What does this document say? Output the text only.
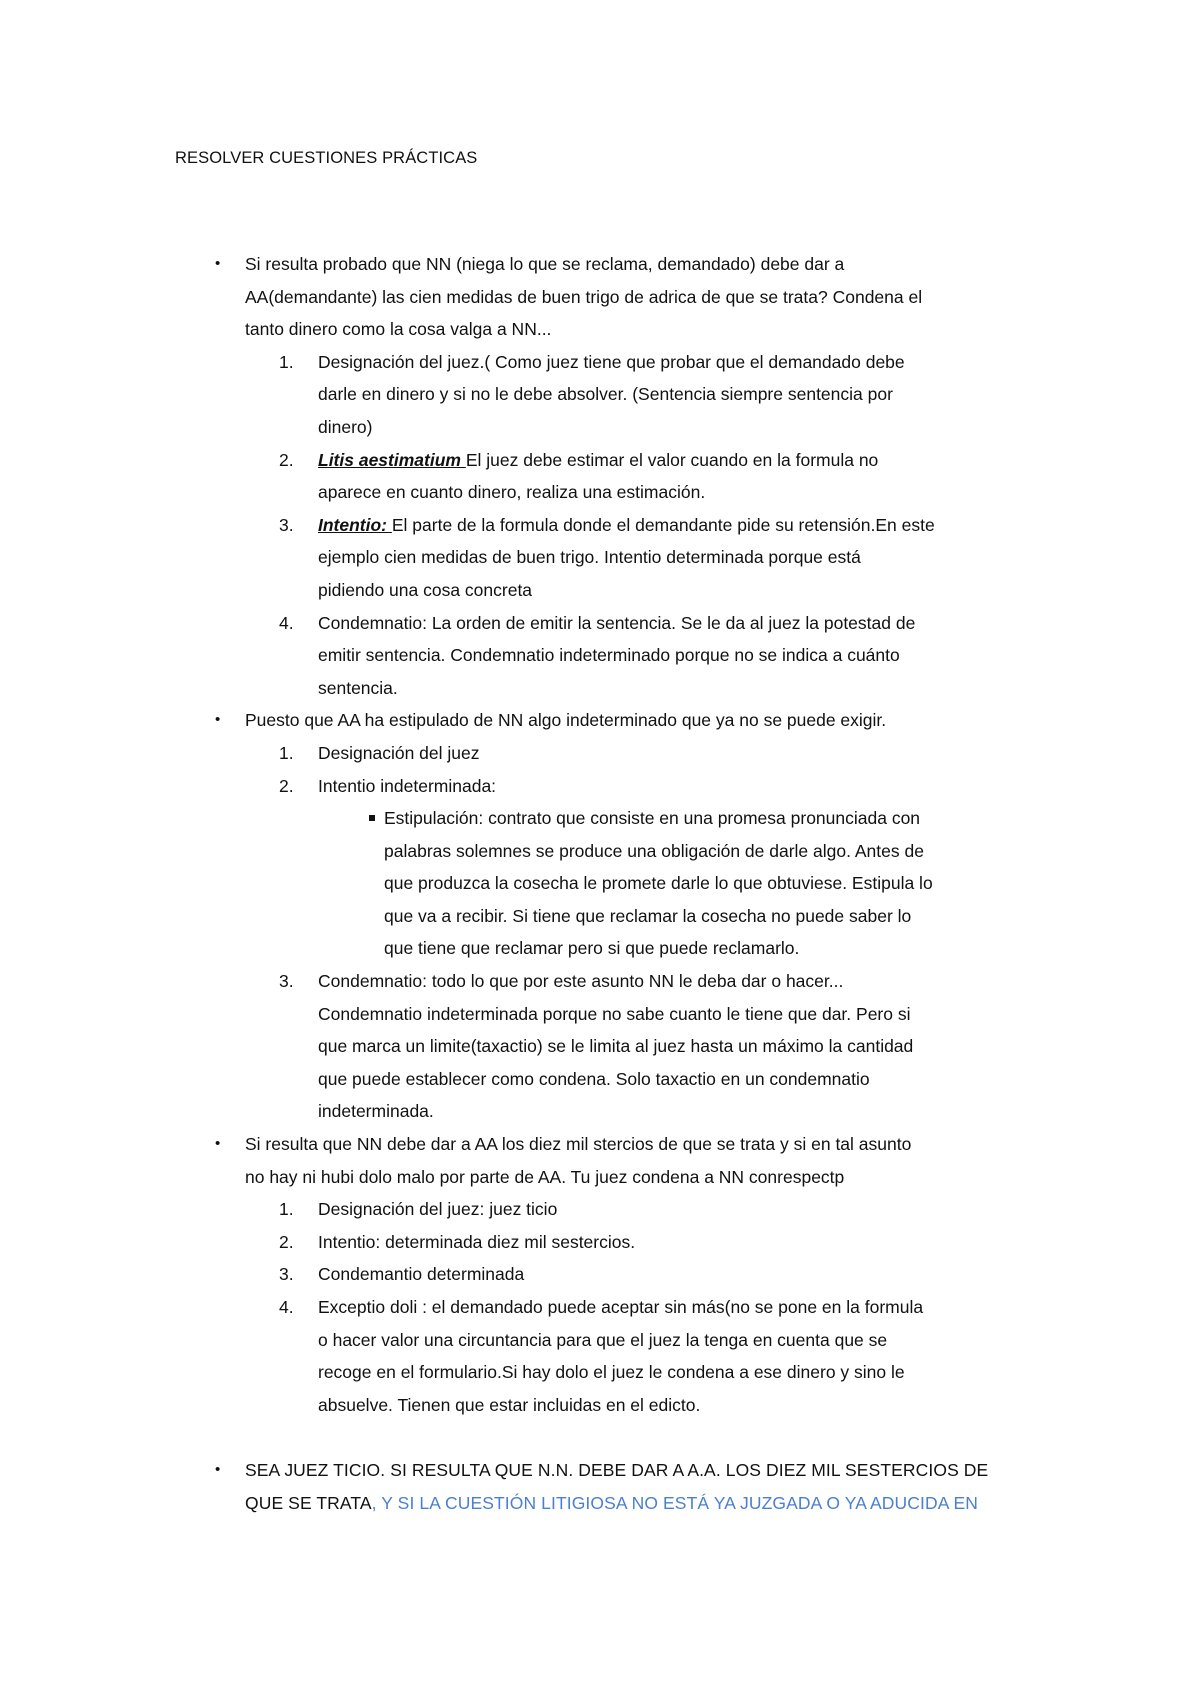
RESOLVER CUESTIONES PRÁCTICAS
• Si resulta probado que NN (niega lo que se reclama, demandado) debe dar a
AA(demandante) las cien medidas de buen trigo de adrica de que se trata? Condena el
tanto dinero como la cosa valga a NN...
1. Designación del juez.( Como juez tiene que probar que el demandado debe
darle en dinero y si no le debe absolver. (Sentencia siempre sentencia por
dinero)
2. Litis aestimatium El juez debe estimar el valor cuando en la formula no
aparece en cuanto dinero, realiza una estimación.
3. Intentio: El parte de la formula donde el demandante pide su retensión.En este
ejemplo cien medidas de buen trigo. Intentio determinada porque está
pidiendo una cosa concreta
4. Condemnatio: La orden de emitir la sentencia. Se le da al juez la potestad de
emitir sentencia. Condemnatio indeterminado porque no se indica a cuánto
sentencia.
• Puesto que AA ha estipulado de NN algo indeterminado que ya no se puede exigir.
1. Designación del juez
2. Intentio indeterminada:
Estipulación: contrato que consiste en una promesa pronunciada con
palabras solemnes se produce una obligación de darle algo. Antes de
que produzca la cosecha le promete darle lo que obtuviese. Estipula lo
que va a recibir. Si tiene que reclamar la cosecha no puede saber lo
que tiene que reclamar pero si que puede reclamarlo.
3. Condemnatio: todo lo que por este asunto NN le deba dar o hacer...
Condemnatio indeterminada porque no sabe cuanto le tiene que dar. Pero si
que marca un limite(taxactio) se le limita al juez hasta un máximo la cantidad
que puede establecer como condena. Solo taxactio en un condemnatio
indeterminada.
• Si resulta que NN debe dar a AA los diez mil stercios de que se trata y si en tal asunto
no hay ni hubi dolo malo por parte de AA. Tu juez condena a NN conrespectp
1. Designación del juez: juez ticio
2. Intentio: determinada diez mil sestercios.
3. Condemantio determinada
4. Exceptio doli : el demandado puede aceptar sin más(no se pone en la formula
o hacer valor una circuntancia para que el juez la tenga en cuenta que se
recoge en el formulario.Si hay dolo el juez le condena a ese dinero y sino le
absuelve. Tienen que estar incluidas en el edicto.
• SEA JUEZ TICIO. SI RESULTA QUE N.N. DEBE DAR A A.A. LOS DIEZ MIL SESTERCIOS DE
QUE SE TRATA, Y SI LA CUESTIÓN LITIGIOSA NO ESTÁ YA JUZGADA O YA ADUCIDA EN
